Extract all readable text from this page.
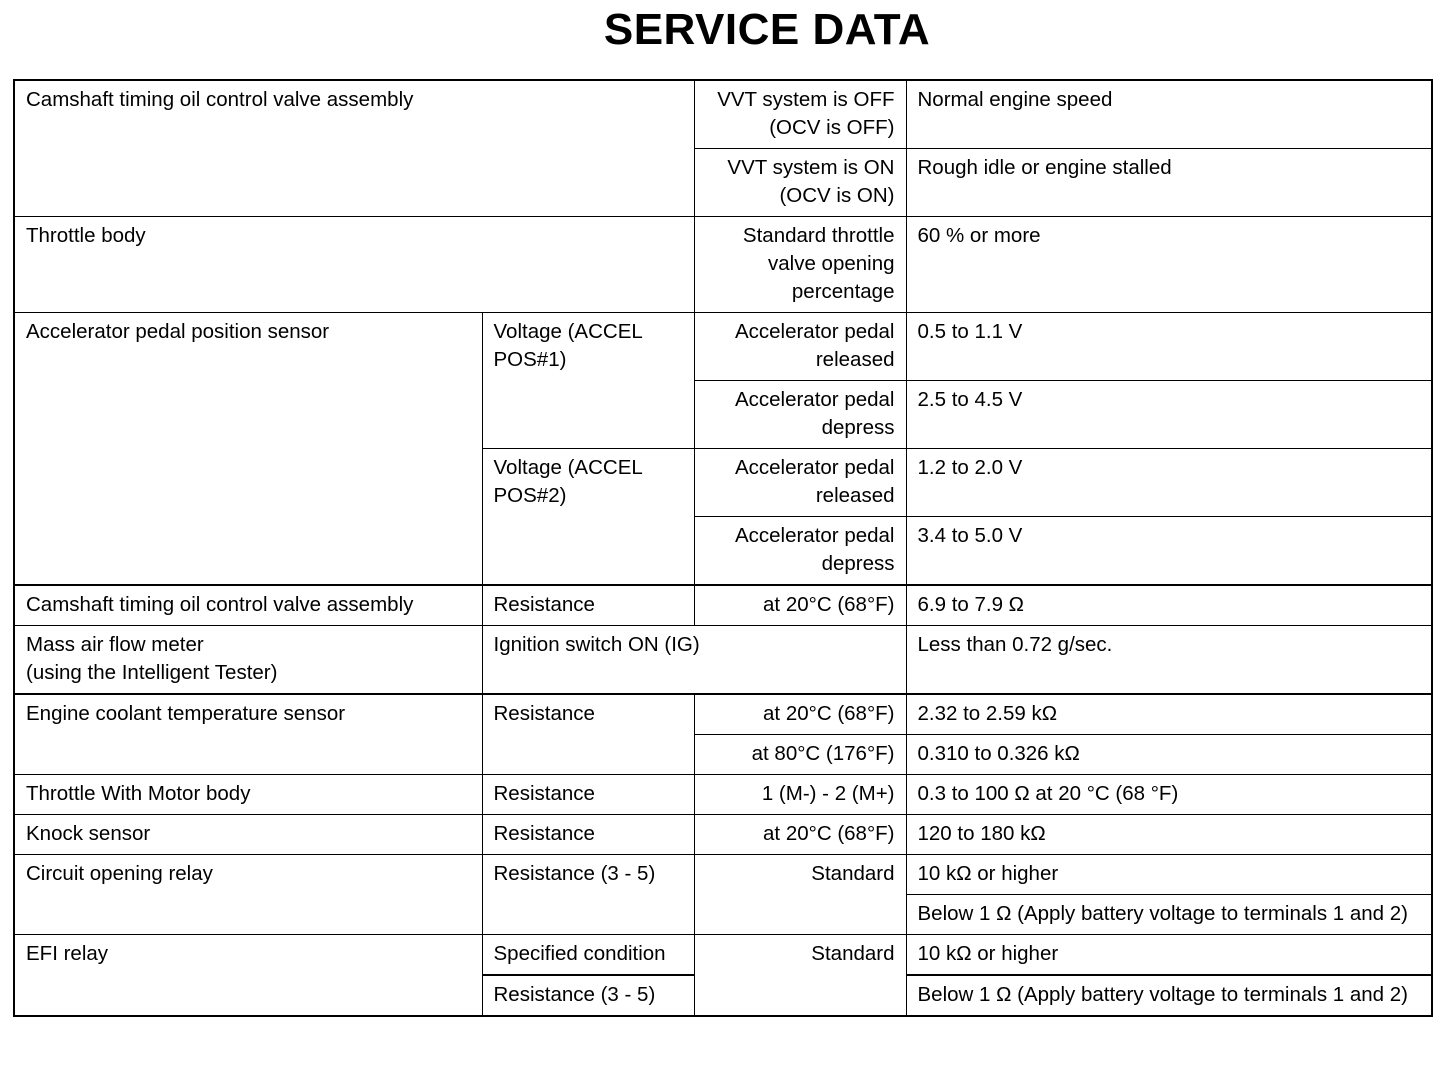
SERVICE DATA
Camshaft timing oil control valve assembly		VVT system is OFF (OCV is OFF)	Normal engine speed
		VVT system is ON (OCV is ON)	Rough idle or engine stalled
Throttle body		Standard throttle valve opening percentage	60 % or more
Accelerator pedal position sensor	Voltage (ACCEL POS#1)	Accelerator pedal released	0.5 to 1.1 V
		Accelerator pedal depress	2.5 to 4.5 V
	Voltage (ACCEL POS#2)	Accelerator pedal released	1.2 to 2.0 V
		Accelerator pedal depress	3.4 to 5.0 V
Camshaft timing oil control valve assembly	Resistance	at 20°C (68°F)	6.9 to 7.9 Ω
Mass air flow meter
(using the Intelligent Tester)	Ignition switch ON (IG)		Less than 0.72 g/sec.
Engine coolant temperature sensor	Resistance	at 20°C (68°F)	2.32 to 2.59 kΩ
		at 80°C (176°F)	0.310 to 0.326 kΩ
Throttle With Motor body	Resistance	1 (M-) - 2 (M+)	0.3 to 100 Ω at 20 °C (68 °F)
Knock sensor	Resistance	at 20°C (68°F)	120 to 180 kΩ
Circuit opening relay	Resistance (3 - 5)	Standard	10 kΩ or higher
			Below 1 Ω (Apply battery voltage to terminals 1 and 2)
EFI relay	Specified condition	Standard	10 kΩ or higher
	Resistance (3 - 5)		Below 1 Ω (Apply battery voltage to terminals 1 and 2)
